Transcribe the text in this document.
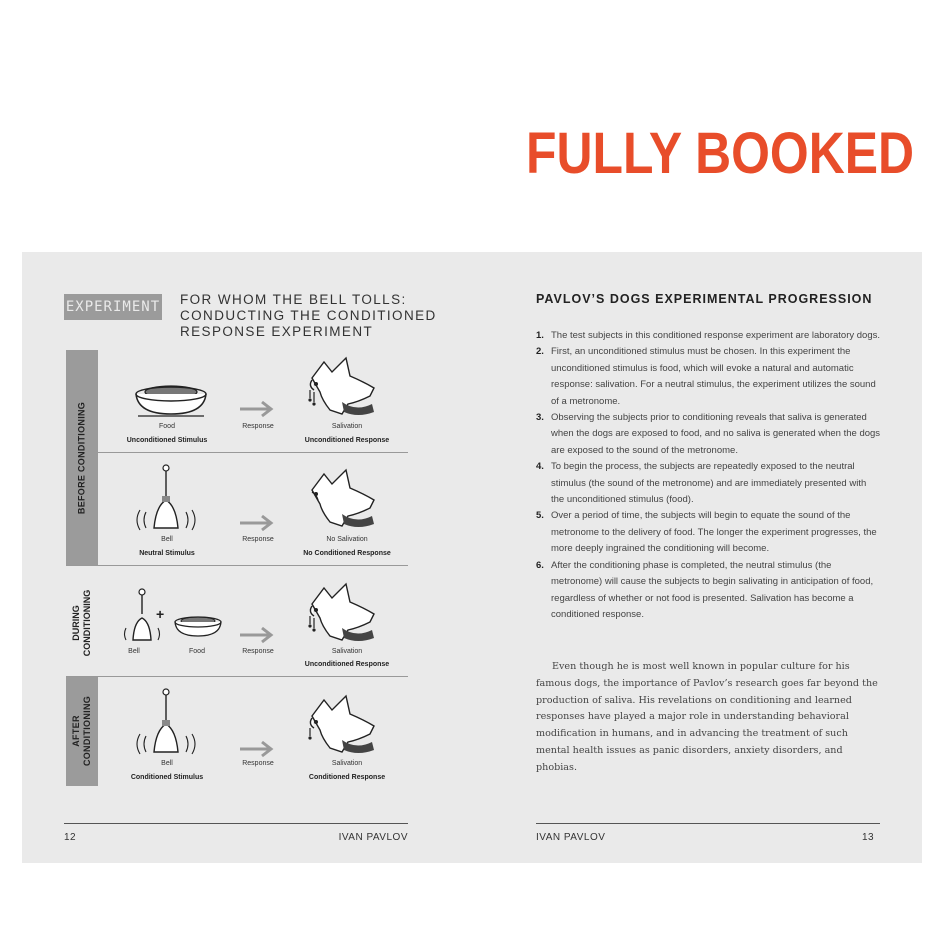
FULLY BOOKED
EXPERIMENT FOR WHOM THE BELL TOLLS:
CONDUCTING THE CONDITIONED
RESPONSE EXPERIMENT
BEFORE CONDITIONING
DURING CONDITIONING
AFTER CONDITIONING
Food	Response	Salivation
Unconditioned Stimulus	Unconditioned Response
Bell	Response	No Salivation
Neutral Stimulus	No Conditioned Response
+
Bell	Food	Response	Salivation
Unconditioned Response
Bell	Response	Salivation
Conditioned Stimulus	Conditioned Response
12	IVAN PAVLOV
PAVLOV’S DOGS EXPERIMENTAL PROGRESSION
1. The test subjects in this conditioned response experiment are laboratory dogs.
2. First, an unconditioned stimulus must be chosen. In this experiment the unconditioned stimulus is food, which will evoke a natural and automatic response: salivation. For a neutral stimulus, the experiment utilizes the sound of a metronome.
3. Observing the subjects prior to conditioning reveals that saliva is generated when the dogs are exposed to food, and no saliva is generated when the dogs are exposed to the sound of the metronome.
4. To begin the process, the subjects are repeatedly exposed to the neutral stimulus (the sound of the metronome) and are immediately presented with the unconditioned stimulus (food).
5. Over a period of time, the subjects will begin to equate the sound of the metronome to the delivery of food. The longer the experiment progresses, the more deeply ingrained the conditioning will become.
6. After the conditioning phase is completed, the neutral stimulus (the metronome) will cause the subjects to begin salivating in anticipation of food, regardless of whether or not food is presented. Salivation has become a conditioned response.
Even though he is most well known in popular culture for his famous dogs, the importance of Pavlov’s research goes far beyond the production of saliva. His revelations on conditioning and learned responses have played a major role in understanding behavioral modification in humans, and in advancing the treatment of such mental health issues as panic disorders, anxiety disorders, and phobias.
IVAN PAVLOV	13
